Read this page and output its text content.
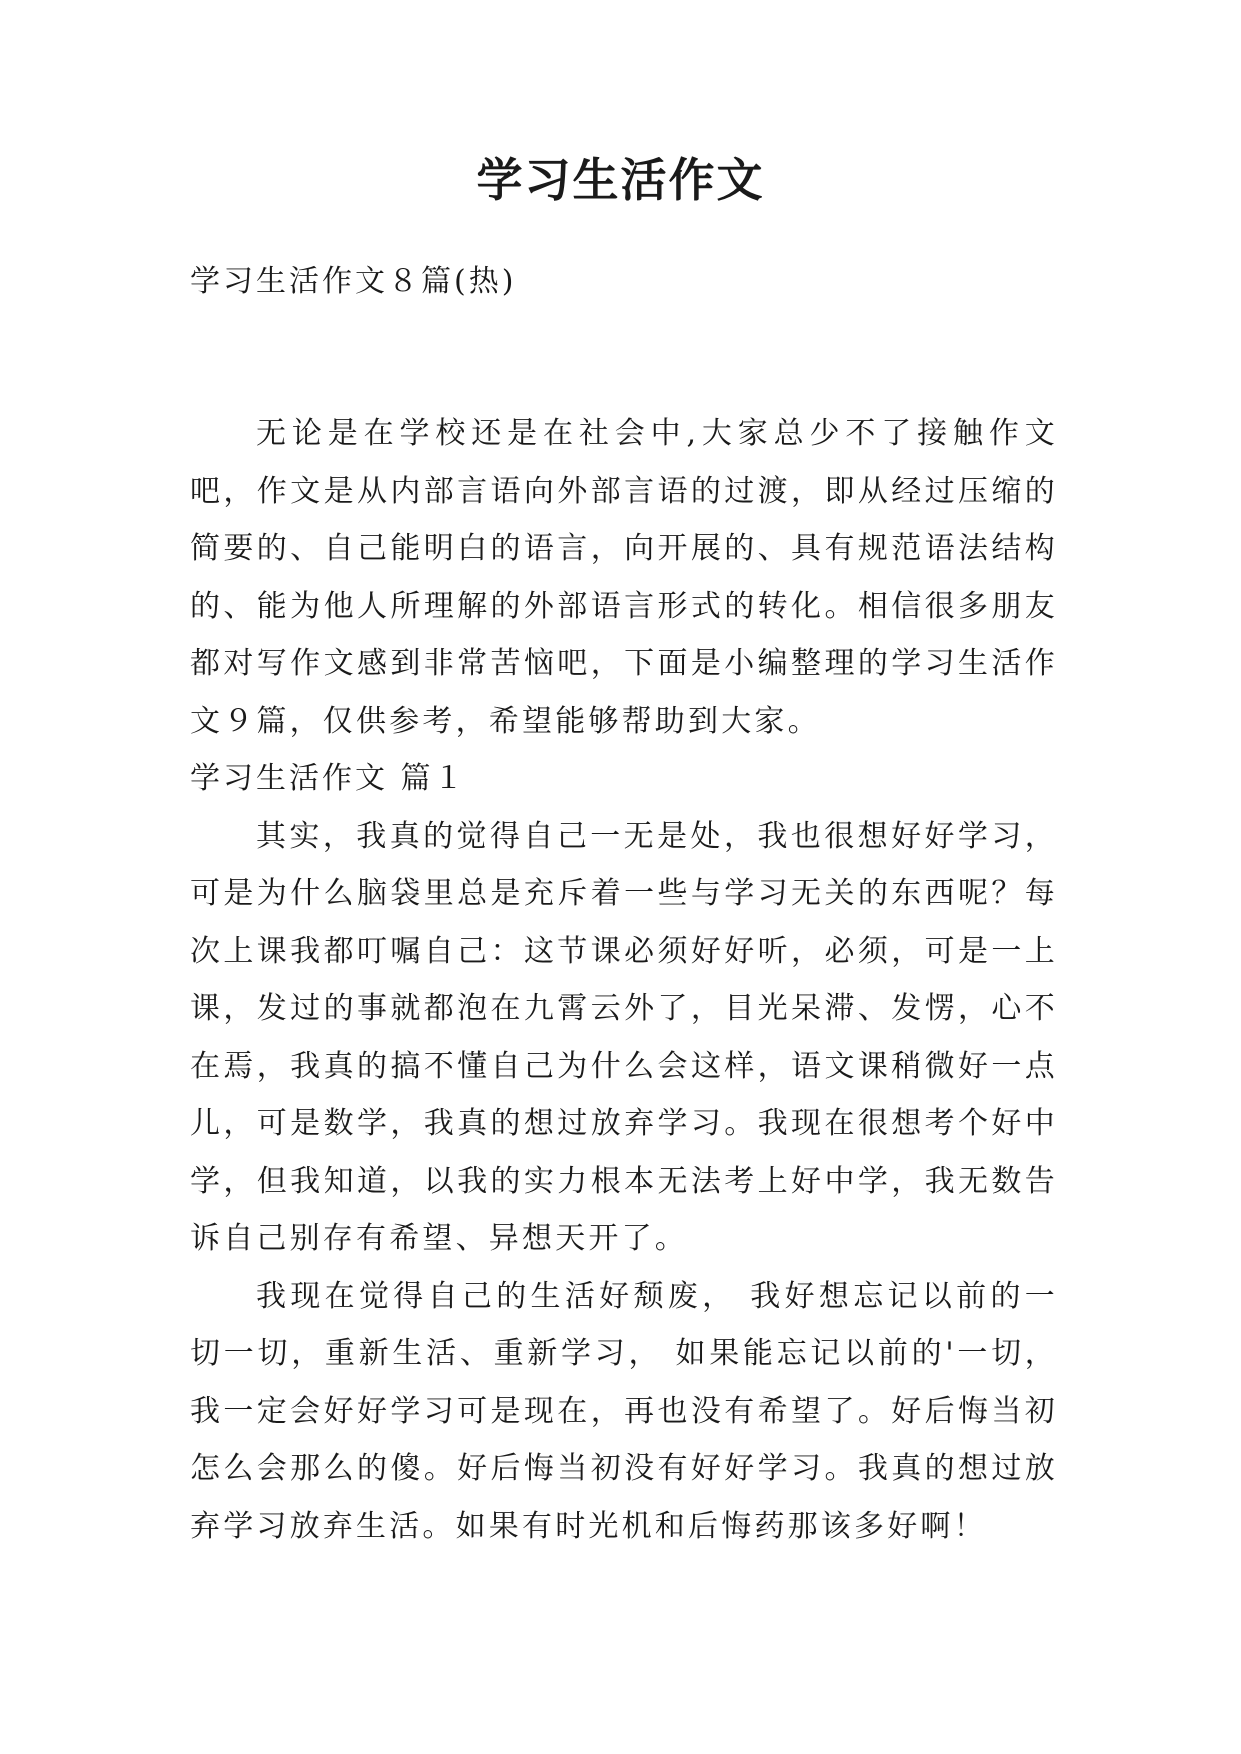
学习生活作文

学习生活作文８篇(热)

无论是在学校还是在社会中,大家总少不了接触作文吧，作文是从内部言语向外部言语的过渡，即从经过压缩的简要的、自己能明白的语言，向开展的、具有规范语法结构的、能为他人所理解的外部语言形式的转化。相信很多朋友都对写作文感到非常苦恼吧，下面是小编整理的学习生活作文９篇，仅供参考，希望能够帮助到大家。

学习生活作文 篇１

其实，我真的觉得自己一无是处，我也很想好好学习，可是为什么脑袋里总是充斥着一些与学习无关的东西呢？每次上课我都叮嘱自己：这节课必须好好听，必须，可是一上课，发过的事就都泡在九霄云外了，目光呆滞、发愣，心不在焉，我真的搞不懂自己为什么会这样，语文课稍微好一点儿，可是数学，我真的想过放弃学习。我现在很想考个好中学，但我知道，以我的实力根本无法考上好中学，我无数告诉自己别存有希望、异想天开了。

我现在觉得自己的生活好颓废， 我好想忘记以前的一切一切，重新生活、重新学习， 如果能忘记以前的'一切，我一定会好好学习可是现在，再也没有希望了。好后悔当初怎么会那么的傻。好后悔当初没有好好学习。我真的想过放弃学习放弃生活。如果有时光机和后悔药那该多好啊！
